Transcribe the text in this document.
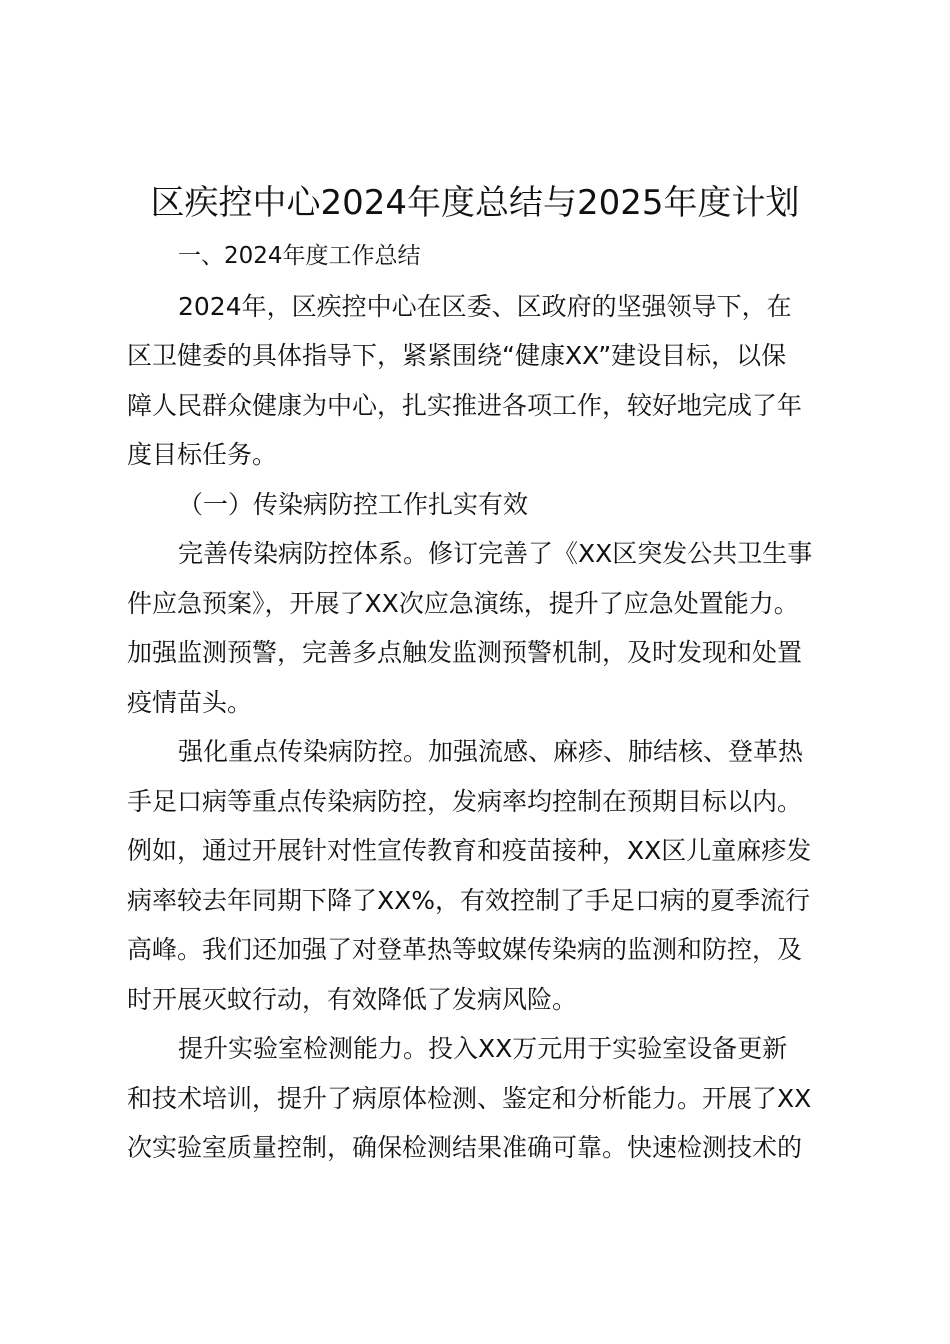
区疾控中心2024年度总结与2025年度计划
一、2024年度工作总结
2024年，区疾控中心在区委、区政府的坚强领导下，在
区卫健委的具体指导下，紧紧围绕“健康XX”建设目标，以保
障人民群众健康为中心，扎实推进各项工作，较好地完成了年
度目标任务。
（一）传染病防控工作扎实有效
完善传染病防控体系。修订完善了《XX区突发公共卫生事
件应急预案》，开展了XX次应急演练，提升了应急处置能力。
加强监测预警，完善多点触发监测预警机制，及时发现和处置
疫情苗头。
强化重点传染病防控。加强流感、麻疹、肺结核、登革热
手足口病等重点传染病防控，发病率均控制在预期目标以内。
例如，通过开展针对性宣传教育和疫苗接种，XX区儿童麻疹发
病率较去年同期下降了XX%，有效控制了手足口病的夏季流行
高峰。我们还加强了对登革热等蚊媒传染病的监测和防控，及
时开展灭蚊行动，有效降低了发病风险。
提升实验室检测能力。投入XX万元用于实验室设备更新
和技术培训，提升了病原体检测、鉴定和分析能力。开展了XX
次实验室质量控制，确保检测结果准确可靠。快速检测技术的
